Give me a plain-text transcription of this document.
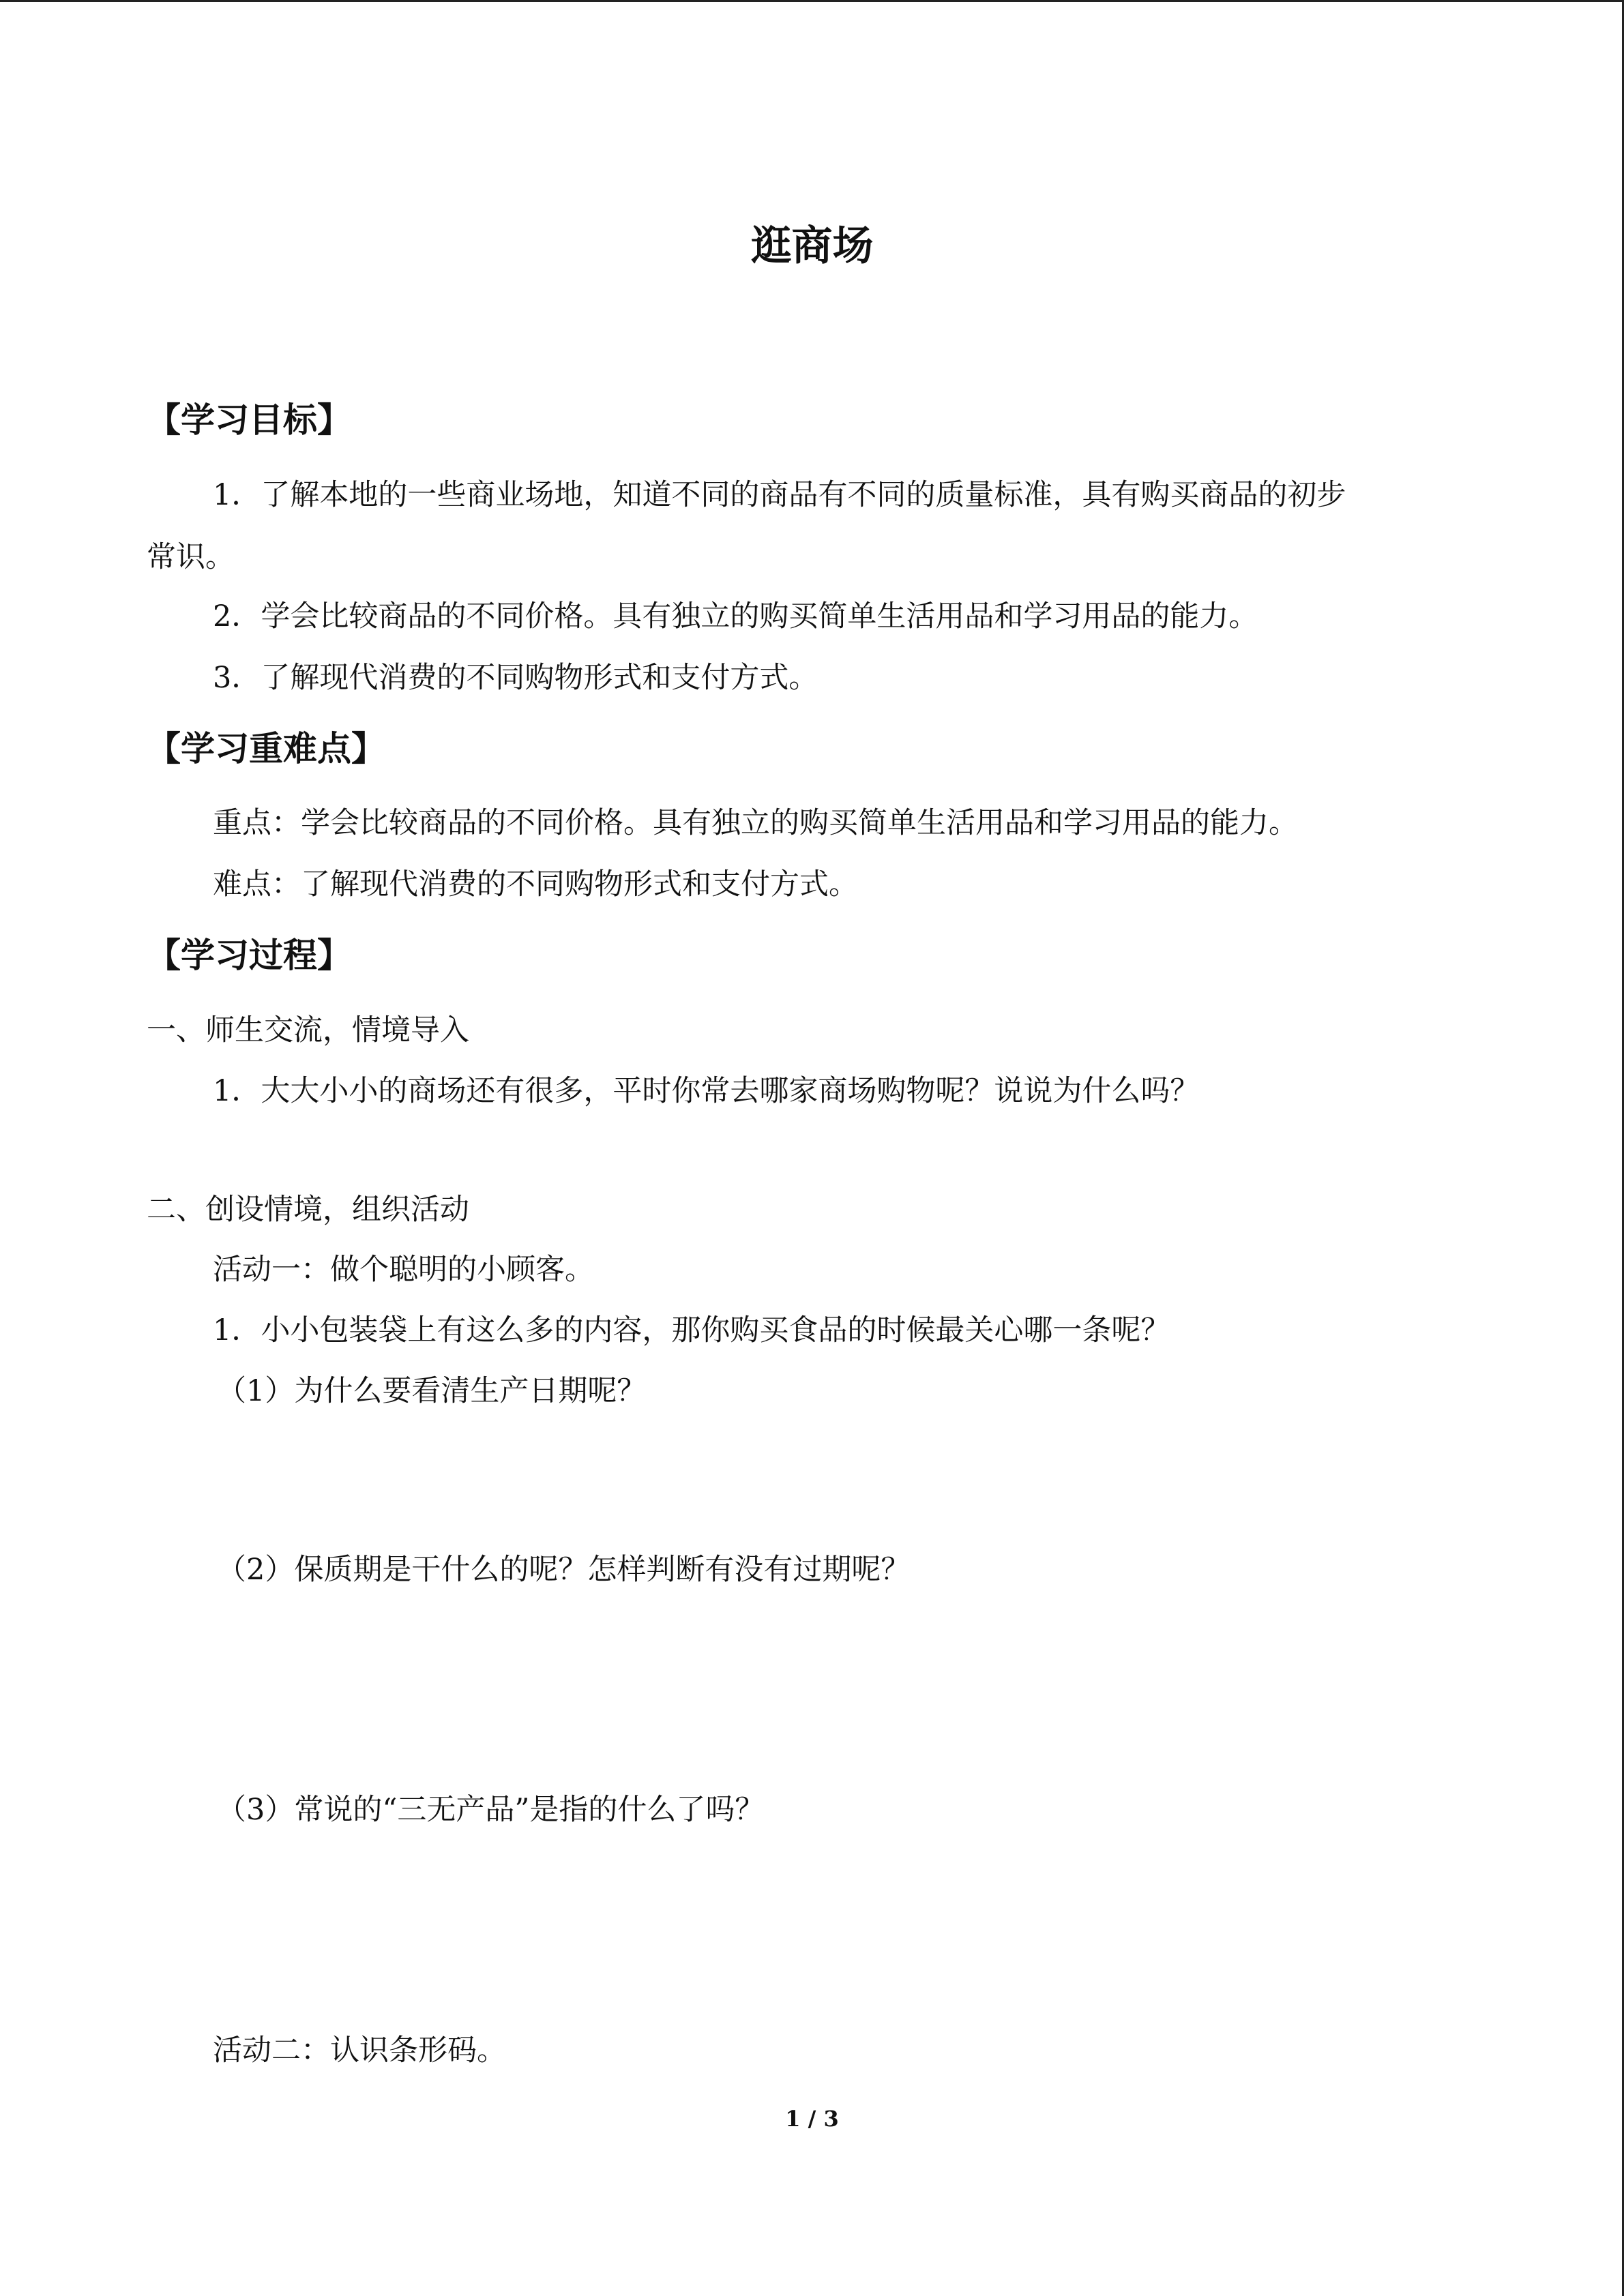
逛商场
【学习目标】
1．了解本地的一些商业场地，知道不同的商品有不同的质量标准，具有购买商品的初步
常识。
2．学会比较商品的不同价格。具有独立的购买简单生活用品和学习用品的能力。
3．了解现代消费的不同购物形式和支付方式。
【学习重难点】
重点：学会比较商品的不同价格。具有独立的购买简单生活用品和学习用品的能力。
难点：了解现代消费的不同购物形式和支付方式。
【学习过程】
一、师生交流，情境导入
1．大大小小的商场还有很多，平时你常去哪家商场购物呢？说说为什么吗？
二、创设情境，组织活动
活动一：做个聪明的小顾客。
1．小小包装袋上有这么多的内容，那你购买食品的时候最关心哪一条呢？
（1）为什么要看清生产日期呢？
（2）保质期是干什么的呢？怎样判断有没有过期呢？
（3）常说的“三无产品”是指的什么了吗？
活动二：认识条形码。
1 / 3
